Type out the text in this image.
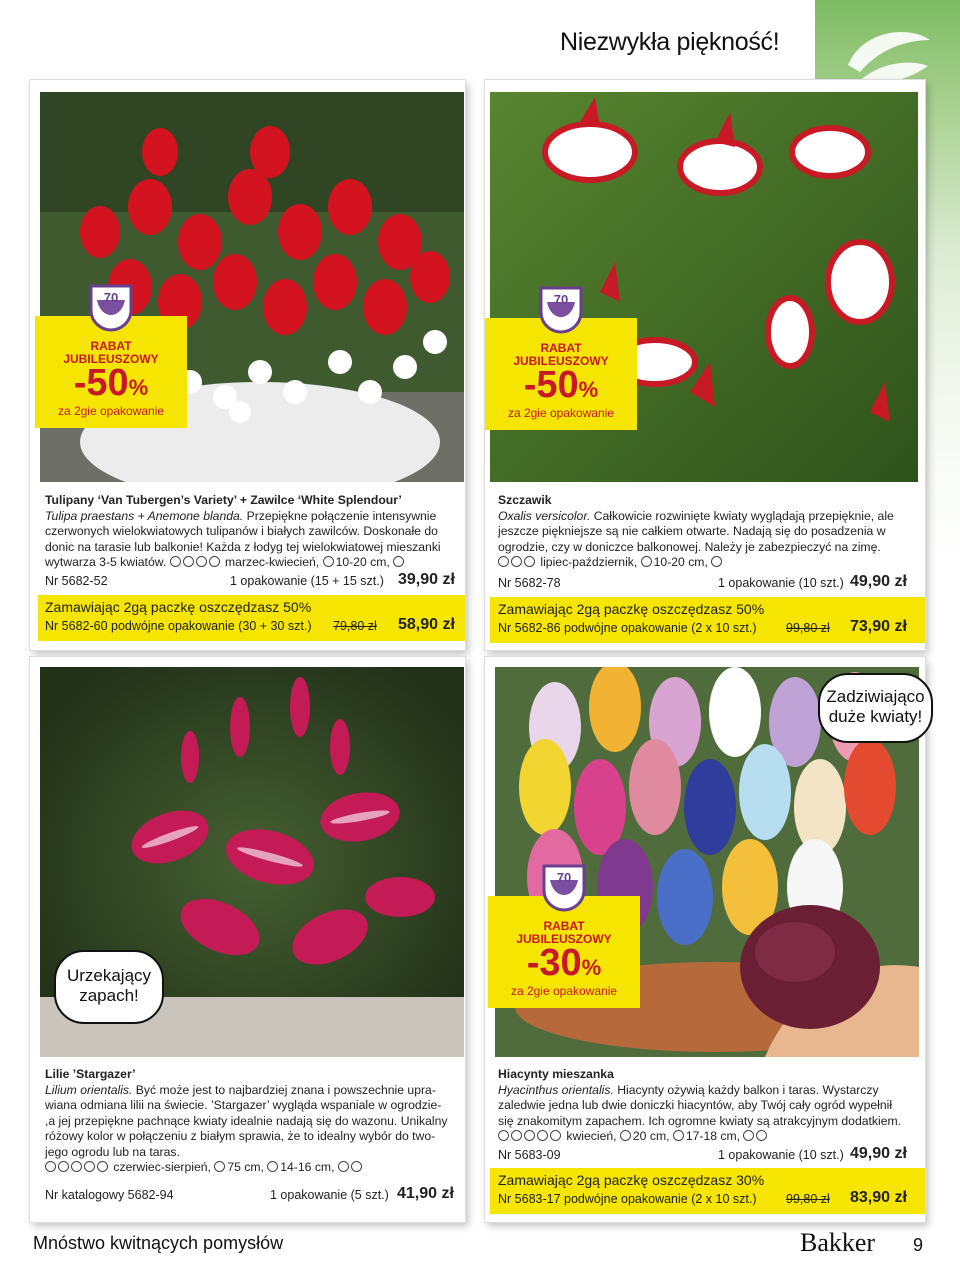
Niezwykła piękność!
70
RABAT
JUBILEUSZOWY
-50%
za 2gie opakowanie
Tulipany ‘Van Tubergen’s Variety’ + Zawilce ‘White Splendour’
Tulipa praestans + Anemone blanda. Przepiękne połączenie intensywnie
czerwonych wielokwiatowych tulipanów i białych zawilców. Doskonałe do
donic na tarasie lub balkonie! Każda z łodyg tej wielokwiatowej mieszanki
wytwarza 3-5 kwiatów.	marzec-kwiecień, 10-20 cm,
Nr 5682-52	1 opakowanie (15 + 15 szt.) 39,90 zł
Zamawiając 2gą paczkę oszczędzasz 50%
Nr 5682-60 podwójne opakowanie (30 + 30 szt.) 79,80 zł 58,90 zł
70
RABAT
JUBILEUSZOWY
-50%
za 2gie opakowanie
Szczawik
Oxalis versicolor. Całkowicie rozwinięte kwiaty wyglądają przepięknie, ale
jeszcze piękniejsze są nie całkiem otwarte. Nadają się do posadzenia w
ogrodzie, czy w doniczce balkonowej. Należy je zabezpieczyć na zimę.
lipiec-październik, 10-20 cm,
Nr 5682-78	1 opakowanie (10 szt.) 49,90 zł
Zamawiając 2gą paczkę oszczędzasz 50%
Nr 5682-86 podwójne opakowanie (2 x 10 szt.) 99,80 zł 73,90 zł
Urzekający
zapach!
Lilie ’Stargazer’
Lilium orientalis. Być może jest to najbardziej znana i powszechnie upra-
wiana odmiana lilii na świecie. ’Stargazer’ wygląda wspaniale w ogrodzie-
,a jej przepiękne pachnące kwiaty idealnie nadają się do wazonu. Unikalny
różowy kolor w połączeniu z białym sprawia, że to idealny wybór do two-
jego ogrodu lub na taras.
czerwiec-sierpień, 75 cm, 14-16 cm,
Nr katalogowy 5682-94	1 opakowanie (5 szt.) 41,90 zł
Zadziwiająco
duże kwiaty!
70
RABAT
JUBILEUSZOWY
-30%
za 2gie opakowanie
Hiacynty mieszanka
Hyacinthus orientalis. Hiacynty ożywią każdy balkon i taras. Wystarczy
zaledwie jedna lub dwie doniczki hiacyntów, aby Twój cały ogród wypełnił
się znakomitym zapachem. Ich ogromne kwiaty są atrakcyjnym dodatkiem.
kwiecień, 20 cm, 17-18 cm,
Nr 5683-09	1 opakowanie (10 szt.) 49,90 zł
Zamawiając 2gą paczkę oszczędzasz 30%
Nr 5683-17 podwójne opakowanie (2 x 10 szt.) 99,80 zł 83,90 zł
Mnóstwo kwitnących pomysłów	Bakker 9
